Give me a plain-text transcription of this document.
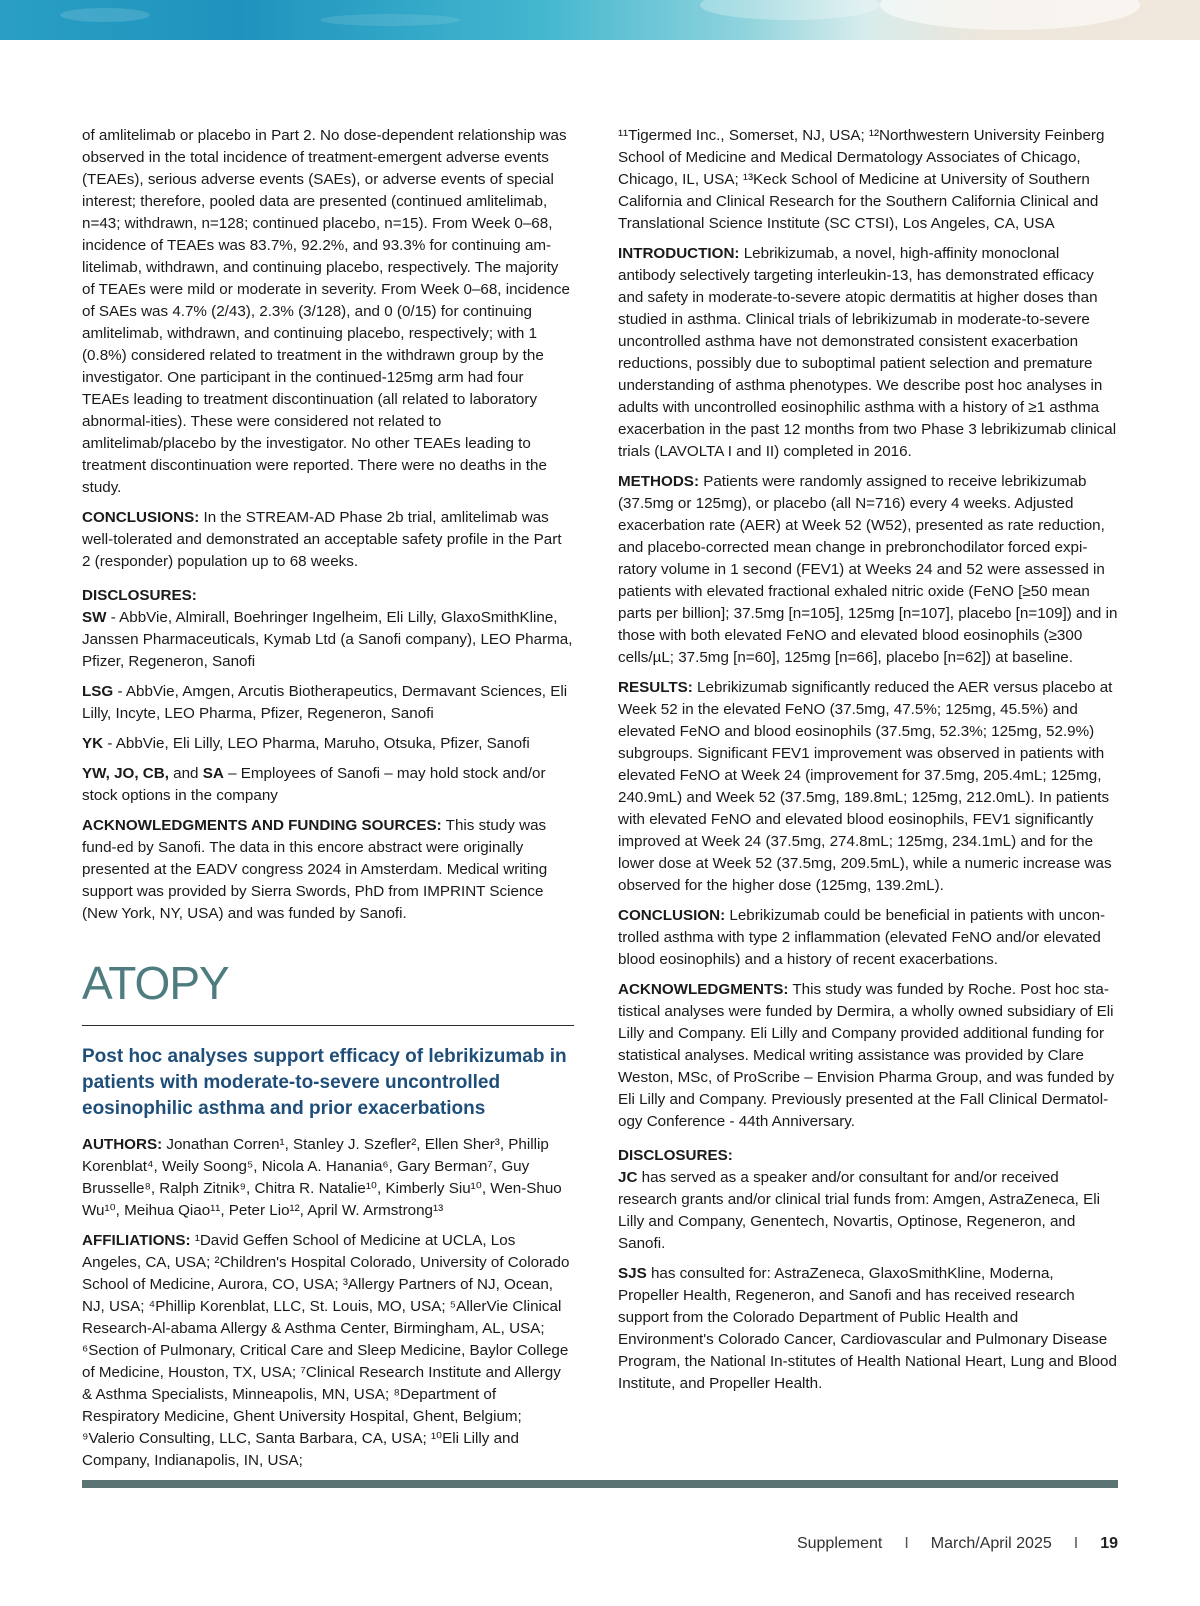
of amlitelimab or placebo in Part 2. No dose-dependent relationship was observed in the total incidence of treatment-emergent adverse events (TEAEs), serious adverse events (SAEs), or adverse events of special interest; therefore, pooled data are presented (continued amlitelimab, n=43; withdrawn, n=128; continued placebo, n=15). From Week 0–68, incidence of TEAEs was 83.7%, 92.2%, and 93.3% for continuing am-litelimab, withdrawn, and continuing placebo, respectively. The majority of TEAEs were mild or moderate in severity. From Week 0–68, incidence of SAEs was 4.7% (2/43), 2.3% (3/128), and 0 (0/15) for continuing amlitelimab, withdrawn, and continuing placebo, respectively; with 1 (0.8%) considered related to treatment in the withdrawn group by the investigator. One participant in the continued-125mg arm had four TEAEs leading to treatment discontinuation (all related to laboratory abnormal-ities). These were considered not related to amlitelimab/placebo by the investigator. No other TEAEs leading to treatment discontinuation were reported. There were no deaths in the study.

CONCLUSIONS: In the STREAM-AD Phase 2b trial, amlitelimab was well-tolerated and demonstrated an acceptable safety profile in the Part 2 (responder) population up to 68 weeks.

DISCLOSURES:

SW - AbbVie, Almirall, Boehringer Ingelheim, Eli Lilly, GlaxoSmithKline, Janssen Pharmaceuticals, Kymab Ltd (a Sanofi company), LEO Pharma, Pfizer, Regeneron, Sanofi

LSG - AbbVie, Amgen, Arcutis Biotherapeutics, Dermavant Sciences, Eli Lilly, Incyte, LEO Pharma, Pfizer, Regeneron, Sanofi

YK - AbbVie, Eli Lilly, LEO Pharma, Maruho, Otsuka, Pfizer, Sanofi

YW, JO, CB, and SA – Employees of Sanofi – may hold stock and/or stock options in the company

ACKNOWLEDGMENTS AND FUNDING SOURCES: This study was fund-ed by Sanofi. The data in this encore abstract were originally presented at the EADV congress 2024 in Amsterdam. Medical writing support was provided by Sierra Swords, PhD from IMPRINT Science (New York, NY, USA) and was funded by Sanofi.

ATOPY
Post hoc analyses support efficacy of lebrikizumab in patients with moderate-to-severe uncontrolled eosinophilic asthma and prior exacerbations

AUTHORS: Jonathan Corren¹, Stanley J. Szefler², Ellen Sher³, Phillip Korenblat⁴, Weily Soong⁵, Nicola A. Hanania⁶, Gary Berman⁷, Guy Brusselle⁸, Ralph Zitnik⁹, Chitra R. Natalie¹⁰, Kimberly Siu¹⁰, Wen-Shuo Wu¹⁰, Meihua Qiao¹¹, Peter Lio¹², April W. Armstrong¹³

AFFILIATIONS: ¹David Geffen School of Medicine at UCLA, Los Angeles, CA, USA; ²Children's Hospital Colorado, University of Colorado School of Medicine, Aurora, CO, USA; ³Allergy Partners of NJ, Ocean, NJ, USA; ⁴Phillip Korenblat, LLC, St. Louis, MO, USA; ⁵AllerVie Clinical Research-Al-abama Allergy & Asthma Center, Birmingham, AL, USA; ⁶Section of Pulmonary, Critical Care and Sleep Medicine, Baylor College of Medicine, Houston, TX, USA; ⁷Clinical Research Institute and Allergy & Asthma Specialists, Minneapolis, MN, USA; ⁸Department of Respiratory Medicine, Ghent University Hospital, Ghent, Belgium; ⁹Valerio Consulting, LLC, Santa Barbara, CA, USA; ¹⁰Eli Lilly and Company, Indianapolis, IN, USA;

¹¹Tigermed Inc., Somerset, NJ, USA; ¹²Northwestern University Feinberg School of Medicine and Medical Dermatology Associates of Chicago, Chicago, IL, USA; ¹³Keck School of Medicine at University of Southern California and Clinical Research for the Southern California Clinical and Translational Science Institute (SC CTSI), Los Angeles, CA, USA

INTRODUCTION: Lebrikizumab, a novel, high-affinity monoclonal antibody selectively targeting interleukin-13, has demonstrated efficacy and safety in moderate-to-severe atopic dermatitis at higher doses than studied in asthma. Clinical trials of lebrikizumab in moderate-to-severe uncontrolled asthma have not demonstrated consistent exacerbation reductions, possibly due to suboptimal patient selection and premature understanding of asthma phenotypes. We describe post hoc analyses in adults with uncontrolled eosinophilic asthma with a history of ≥1 asthma exacerbation in the past 12 months from two Phase 3 lebrikizumab clinical trials (LAVOLTA I and II) completed in 2016.

METHODS: Patients were randomly assigned to receive lebrikizumab (37.5mg or 125mg), or placebo (all N=716) every 4 weeks. Adjusted exacerbation rate (AER) at Week 52 (W52), presented as rate reduction, and placebo-corrected mean change in prebronchodilator forced expi-ratory volume in 1 second (FEV1) at Weeks 24 and 52 were assessed in patients with elevated fractional exhaled nitric oxide (FeNO [≥50 mean parts per billion]; 37.5mg [n=105], 125mg [n=107], placebo [n=109]) and in those with both elevated FeNO and elevated blood eosinophils (≥300 cells/µL; 37.5mg [n=60], 125mg [n=66], placebo [n=62]) at baseline.

RESULTS: Lebrikizumab significantly reduced the AER versus placebo at Week 52 in the elevated FeNO (37.5mg, 47.5%; 125mg, 45.5%) and elevated FeNO and blood eosinophils (37.5mg, 52.3%; 125mg, 52.9%) subgroups. Significant FEV1 improvement was observed in patients with elevated FeNO at Week 24 (improvement for 37.5mg, 205.4mL; 125mg, 240.9mL) and Week 52 (37.5mg, 189.8mL; 125mg, 212.0mL). In patients with elevated FeNO and elevated blood eosinophils, FEV1 significantly improved at Week 24 (37.5mg, 274.8mL; 125mg, 234.1mL) and for the lower dose at Week 52 (37.5mg, 209.5mL), while a numeric increase was observed for the higher dose (125mg, 139.2mL).

CONCLUSION: Lebrikizumab could be beneficial in patients with uncon-trolled asthma with type 2 inflammation (elevated FeNO and/or elevated blood eosinophils) and a history of recent exacerbations.

ACKNOWLEDGMENTS: This study was funded by Roche. Post hoc sta-tistical analyses were funded by Dermira, a wholly owned subsidiary of Eli Lilly and Company. Eli Lilly and Company provided additional funding for statistical analyses. Medical writing assistance was provided by Clare Weston, MSc, of ProScribe – Envision Pharma Group, and was funded by Eli Lilly and Company. Previously presented at the Fall Clinical Dermatol-ogy Conference - 44th Anniversary.

DISCLOSURES:

JC has served as a speaker and/or consultant for and/or received research grants and/or clinical trial funds from: Amgen, AstraZeneca, Eli Lilly and Company, Genentech, Novartis, Optinose, Regeneron, and Sanofi.

SJS has consulted for: AstraZeneca, GlaxoSmithKline, Moderna, Propeller Health, Regeneron, and Sanofi and has received research support from the Colorado Department of Public Health and Environment's Colorado Cancer, Cardiovascular and Pulmonary Disease Program, the National In-stitutes of Health National Heart, Lung and Blood Institute, and Propeller Health.

Supplement I March/April 2025 I 19
